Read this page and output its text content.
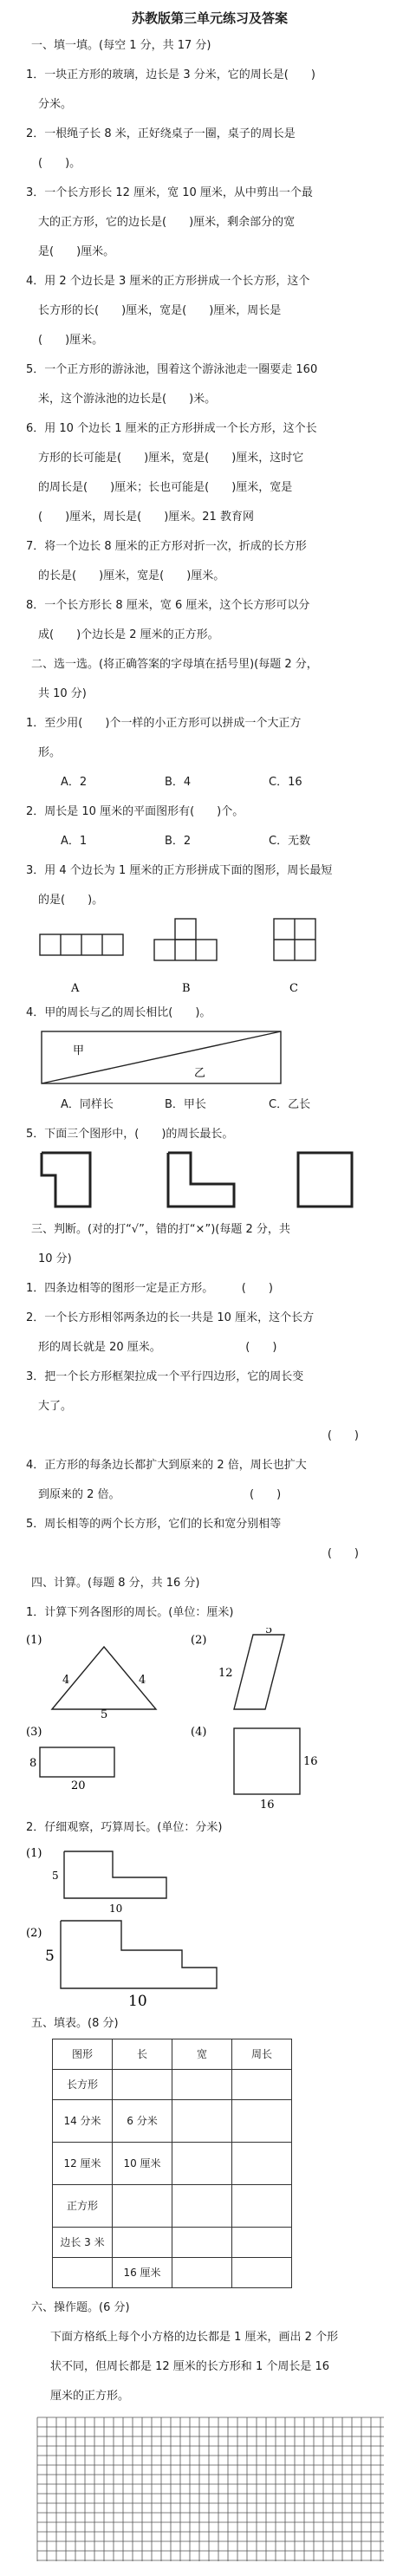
苏教版第三单元练习及答案
一、填一填。(每空 1 分，共 17 分)
1．一块正方形的玻璃，边长是 3 分米，它的周长是(　　)
分米。
2．一根绳子长 8 米，正好绕桌子一圈，桌子的周长是
(　　)。
3．一个长方形长 12 厘米，宽 10 厘米，从中剪出一个最
大的正方形，它的边长是(　　)厘米，剩余部分的宽
是(　　)厘米。
4．用 2 个边长是 3 厘米的正方形拼成一个长方形，这个
长方形的长(　　)厘米，宽是(　　)厘米，周长是
(　　)厘米。
5．一个正方形的游泳池，围着这个游泳池走一圈要走 160
米，这个游泳池的边长是(　　)米。
6．用 10 个边长 1 厘米的正方形拼成一个长方形，这个长
方形的长可能是(　　)厘米，宽是(　　)厘米，这时它
的周长是(　　)厘米；长也可能是(　　)厘米，宽是
(　　)厘米，周长是(　　)厘米。21 教育网
7．将一个边长 8 厘米的正方形对折一次，折成的长方形
的长是(　　)厘米，宽是(　　)厘米。
8．一个长方形长 8 厘米，宽 6 厘米，这个长方形可以分
成(　　)个边长是 2 厘米的正方形。
二、选一选。(将正确答案的字母填在括号里)(每题 2 分，
共 10 分)
1．至少用(　　)个一样的小正方形可以拼成一个大正方
形。
A．2	B．4	C．16
2．周长是 10 厘米的平面图形有(　　)个。
A．1	B．2	C．无数
3．用 4 个边长为 1 厘米的正方形拼成下面的图形，周长最短
的是(　　)。
A	B	C
4．甲的周长与乙的周长相比(　　)。
甲
乙
A．同样长	B．甲长	C．乙长
5．下面三个图形中，(　　)的周长最长。
三、判断。(对的打“√”，错的打“×”)(每题 2 分，共
10 分)
1．四条边相等的图形一定是正方形。　　　(　　)
2．一个长方形相邻两条边的长一共是 10 厘米，这个长方
形的周长就是 20 厘米。　　　　　　　　(　　)
3．把一个长方形框架拉成一个平行四边形，它的周长变
大了。
(　　)
4．正方形的每条边长都扩大到原来的 2 倍，周长也扩大
到原来的 2 倍。　　　　　　　　　　　　(　　)
5．周长相等的两个长方形，它们的长和宽分别相等
(　　)
四、计算。(每题 8 分，共 16 分)
1．计算下列各图形的周长。(单位：厘米)
(1)
4	4
5
(2)
5
12
(3)
8
20
(4)
16
16
2．仔细观察，巧算周长。(单位：分米)
(1)
5
10
(2)
5
10
五、填表。(8 分)
图形	长	宽	周长
长方形			
14 分米	6 分米		
12 厘米	10 厘米		
正方形			
边长 3 米			
	16 厘米		
六、操作题。(6 分)
下面方格纸上每个小方格的边长都是 1 厘米，画出 2 个形
状不同，但周长都是 12 厘米的长方形和 1 个周长是 16
厘米的正方形。
